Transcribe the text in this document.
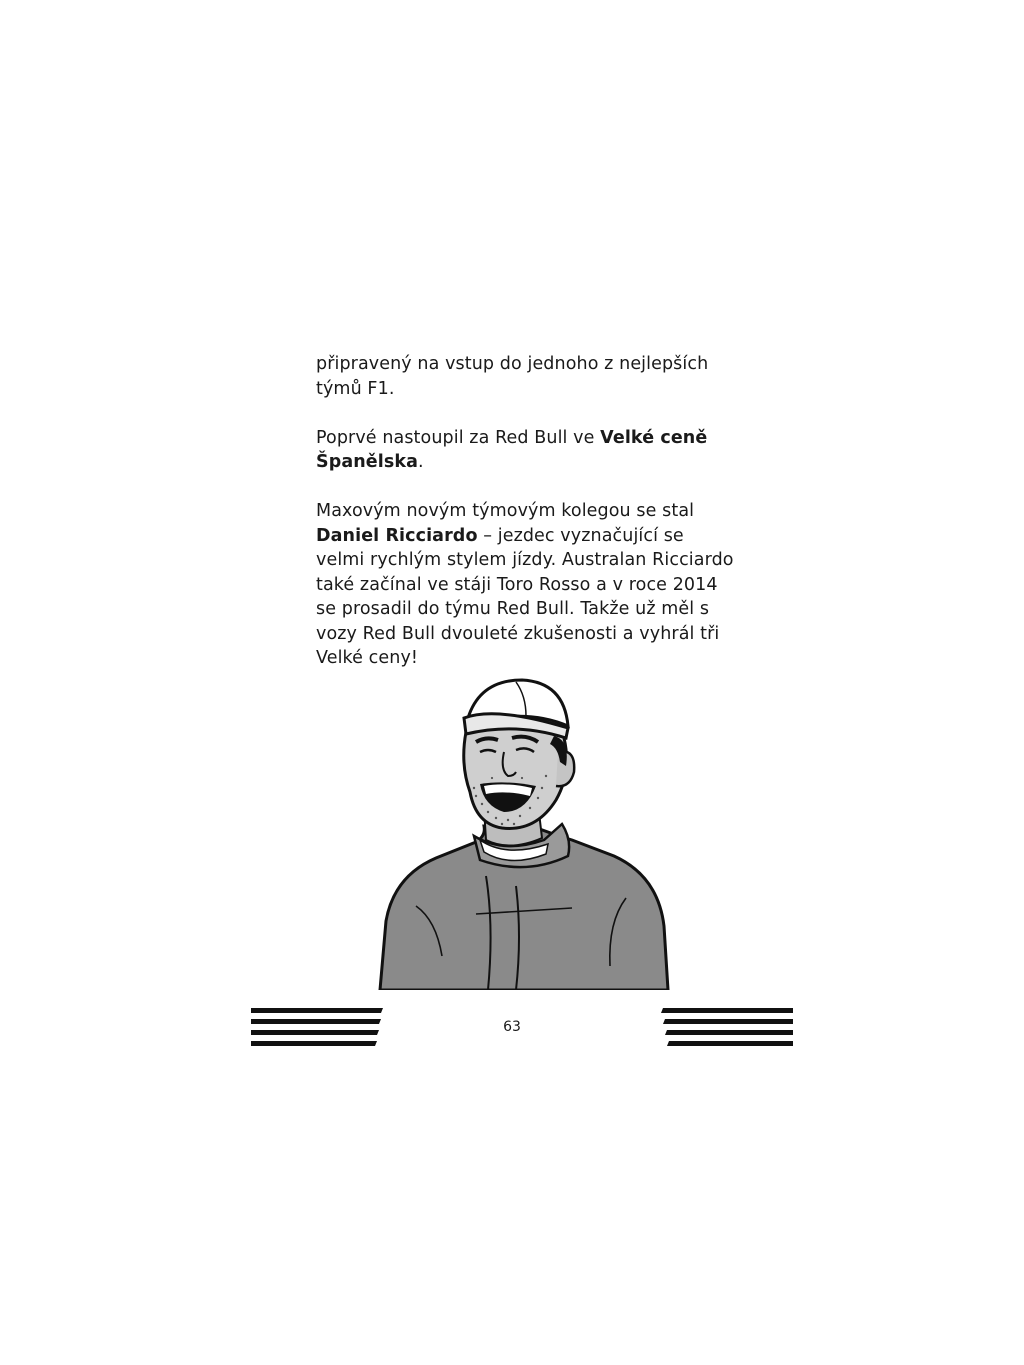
připravený na vstup do jednoho z nejlepších týmů F1.

Poprvé nastoupil za Red Bull ve Velké ceně Španělska.

Maxovým novým týmovým kolegou se stal Daniel Ricciardo – jezdec vyznačující se velmi rychlým stylem jízdy. Australan Ricciardo také začínal ve stáji Toro Rosso a v roce 2014 se prosadil do týmu Red Bull. Takže už měl s vozy Red Bull dvouleté zkušenosti a vyhrál tři Velké ceny!

63
